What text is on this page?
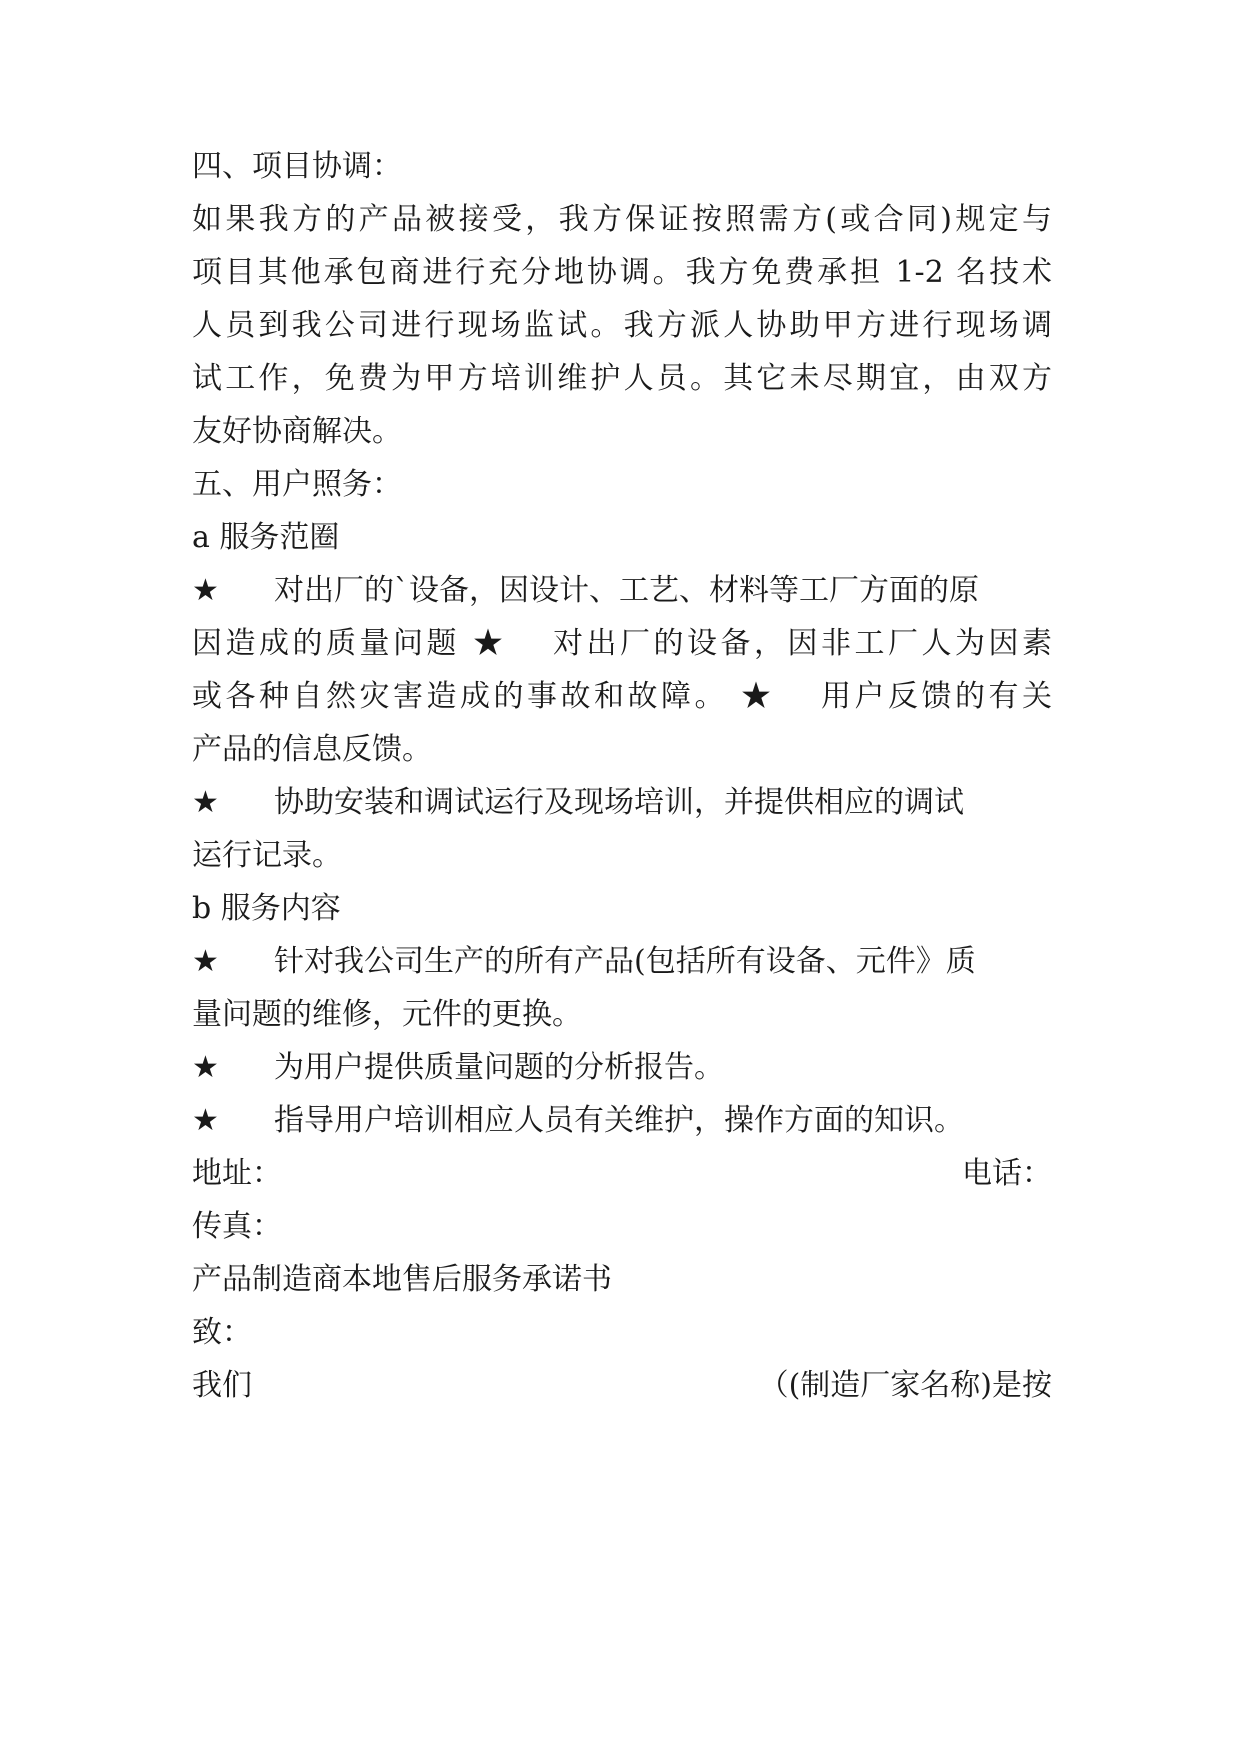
四、项目协调：
如果我方的产品被接受，我方保证按照需方(或合同)规定与
项目其他承包商进行充分地协调。我方免费承担 1-2 名技术
人员到我公司进行现场监试。我方派人协助甲方进行现场调
试工作，免费为甲方培训维护人员。其它未尽期宜，由双方
友好协商解决。
五、用户照务：
a 服务范圈
★ 对出厂的`设备，因设计、工艺、材料等工厂方面的原
因造成的质量问题 ★　 对出厂的设备，因非工厂人为因素
或各种自然灾害造成的事故和故障。 ★　 用户反馈的有关
产品的信息反馈。
★ 协助安装和调试运行及现场培训，并提供相应的调试
运行记录。
b 服务内容
★ 针对我公司生产的所有产品(包括所有设备、元件》质
量问题的维修，元件的更换。
★ 为用户提供质量问题的分析报告。
★ 指导用户培训相应人员有关维护，操作方面的知识。
地址：	电话：
传真：
产品制造商本地售后服务承诺书
致：
我们	（(制造厂家名称)是按
